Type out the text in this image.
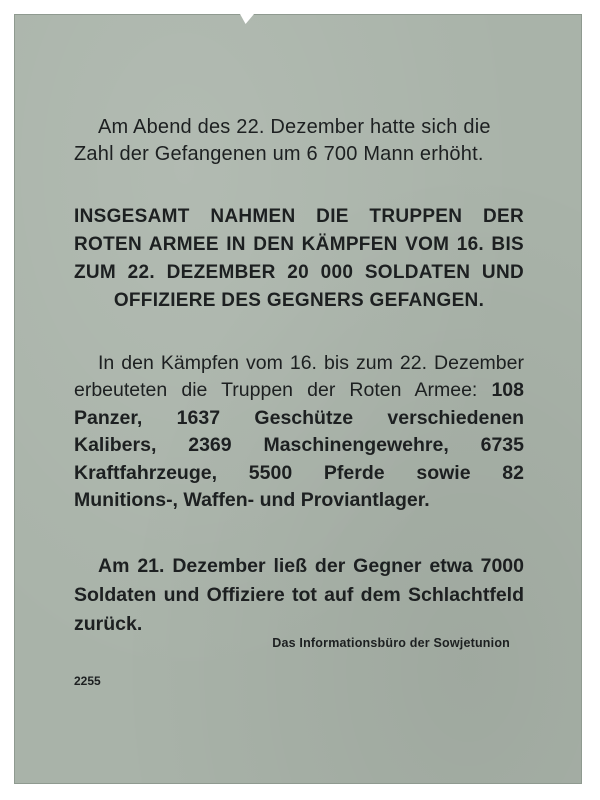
Am Abend des 22. Dezember hatte sich die Zahl der Gefangenen um 6 700 Mann erhöht.

INSGESAMT NAHMEN DIE TRUPPEN DER ROTEN ARMEE IN DEN KÄMPFEN VOM 16. BIS ZUM 22. DEZEMBER 20 000 SOLDATEN UND OFFIZIERE DES GEGNERS GEFANGEN.

In den Kämpfen vom 16. bis zum 22. Dezember erbeuteten die Truppen der Roten Armee: 108 Panzer, 1637 Geschütze verschiedenen Kalibers, 2369 Maschinengewehre, 6735 Kraftfahrzeuge, 5500 Pferde sowie 82 Munitions-, Waffen- und Proviantlager.

Am 21. Dezember ließ der Gegner etwa 7000 Soldaten und Offiziere tot auf dem Schlachtfeld zurück.

Das Informationsbüro der Sowjetunion
2255
